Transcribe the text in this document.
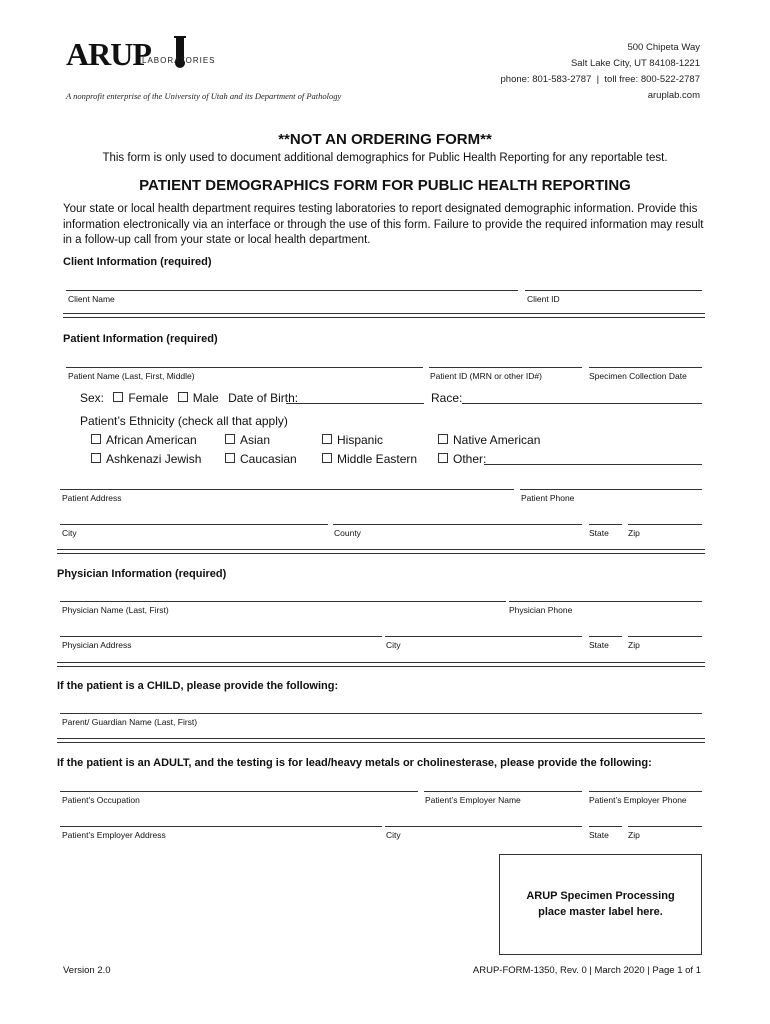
ARUP
LABORATORIES
A nonprofit enterprise of the University of Utah and its Department of Pathology
500 Chipeta Way
Salt Lake City, UT 84108-1221
phone: 801-583-2787  |  toll free: 800-522-2787
aruplab.com
**NOT AN ORDERING FORM**
This form is only used to document additional demographics for Public Health Reporting for any reportable test.
PATIENT DEMOGRAPHICS FORM FOR PUBLIC HEALTH REPORTING
Your state or local health department requires testing laboratories to report designated demographic information. Provide this information electronically via an interface or through the use of this form. Failure to provide the required information may result in a follow-up call from your state or local health department.
Client Information (required)
Client Name	Client ID
Patient Information (required)
Patient Name (Last, First, Middle)	Patient ID (MRN or other ID#)	Specimen Collection Date
Sex: Female Male Date of Birth:	Race:
Patient’s Ethnicity (check all that apply)
African American	Asian	Hispanic	Native American
Ashkenazi Jewish	Caucasian	Middle Eastern	Other:
Patient Address	Patient Phone
City	County	State Zip
Physician Information (required)
Physician Name (Last, First)	Physician Phone
Physician Address	City	State Zip
If the patient is a CHILD, please provide the following:
Parent/ Guardian Name (Last, First)
If the patient is an ADULT, and the testing is for lead/heavy metals or cholinesterase, please provide the following:
Patient’s Occupation	Patient’s Employer Name	Patient’s Employer Phone
Patient’s Employer Address	City	State Zip
ARUP Specimen Processing
place master label here.
Version 2.0	ARUP-FORM-1350, Rev. 0 | March 2020 | Page 1 of 1
